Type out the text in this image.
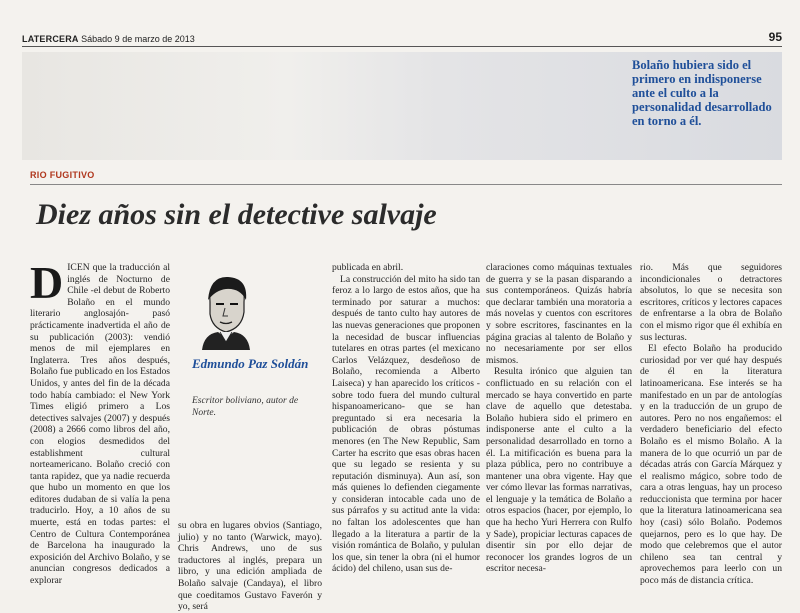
LATERCERA Sábado 9 de marzo de 2013	95
Bolaño hubiera sido el primero en indisponerse ante el culto a la personalidad desarrollado en torno a él.
RIO FUGITIVO
Diez años sin el detective salvaje

DICEN que la traducción al inglés de Nocturno de Chile -el debut de Roberto Bolaño en el mundo literario anglosajón- pasó prácticamente inadvertida el año de su publicación (2003): vendió menos de mil ejemplares en Inglaterra. Tres años después, Bolaño fue publicado en los Estados Unidos, y antes del fin de la década todo había cambiado: el New York Times eligió primero a Los detectives salvajes (2007) y después (2008) a 2666 como libros del año, con elogios desmedidos del establishment cultural norteamericano. Bolaño creció con tanta rapidez, que ya nadie recuerda que hubo un momento en que los editores dudaban de si valía la pena traducirlo. Hoy, a 10 años de su muerte, está en todas partes: el Centro de Cultura Contemporánea de Barcelona ha inaugurado la exposición del Archivo Bolaño, y se anuncian congresos dedicados a explorar

Edmundo Paz Soldán
Escritor boliviano, autor de Norte.

su obra en lugares obvios (Santiago, julio) y no tanto (Warwick, mayo). Chris Andrews, uno de sus traductores al inglés, prepara un libro, y una edición ampliada de Bolaño salvaje (Candaya), el libro que coeditamos Gustavo Faverón y yo, será

publicada en abril.

La construcción del mito ha sido tan feroz a lo largo de estos años, que ha terminado por saturar a muchos: después de tanto culto hay autores de las nuevas generaciones que proponen la necesidad de buscar influencias tutelares en otras partes (el mexicano Carlos Velázquez, desdeñoso de Bolaño, recomienda a Alberto Laiseca) y han aparecido los críticos -sobre todo fuera del mundo cultural hispanoamericano- que se han preguntado si era necesaria la publicación de obras póstumas menores (en The New Republic, Sam Carter ha escrito que esas obras hacen que su legado se resienta y su reputación disminuya). Aun así, son más quienes lo defienden ciegamente y consideran intocable cada uno de sus párrafos y su actitud ante la vida: no faltan los adolescentes que han llegado a la literatura a partir de la visión romántica de Bolaño, y pululan los que, sin tener la obra (ni el humor ácido) del chileno, usan sus de-

claraciones como máquinas textuales de guerra y se la pasan disparando a sus contemporáneos. Quizás habría que declarar también una moratoria a más novelas y cuentos con escritores y sobre escritores, fascinantes en la página gracias al talento de Bolaño y no necesariamente por ser ellos mismos.

Resulta irónico que alguien tan conflictuado en su relación con el mercado se haya convertido en parte clave de aquello que detestaba. Bolaño hubiera sido el primero en indisponerse ante el culto a la personalidad desarrollado en torno a él. La mitificación es buena para la plaza pública, pero no contribuye a mantener una obra vigente. Hay que ver cómo llevar las formas narrativas, el lenguaje y la temática de Bolaño a otros espacios (hacer, por ejemplo, lo que ha hecho Yuri Herrera con Rulfo y Sade), propiciar lecturas capaces de disentir sin por ello dejar de reconocer los grandes logros de un escritor necesa-

rio. Más que seguidores incondicionales o detractores absolutos, lo que se necesita son escritores, críticos y lectores capaces de enfrentarse a la obra de Bolaño con el mismo rigor que él exhibía en sus lecturas.

El efecto Bolaño ha producido curiosidad por ver qué hay después de él en la literatura latinoamericana. Ese interés se ha manifestado en un par de antologías y en la traducción de un grupo de autores. Pero no nos engañemos: el verdadero beneficiario del efecto Bolaño es el mismo Bolaño. A la manera de lo que ocurrió un par de décadas atrás con García Márquez y el realismo mágico, sobre todo de cara a otras lenguas, hay un proceso reduccionista que termina por hacer que la literatura latinoamericana sea hoy (casi) sólo Bolaño. Podemos quejarnos, pero es lo que hay. De modo que celebremos que el autor chileno sea tan central y aprovechemos para leerlo con un poco más de distancia crítica.
